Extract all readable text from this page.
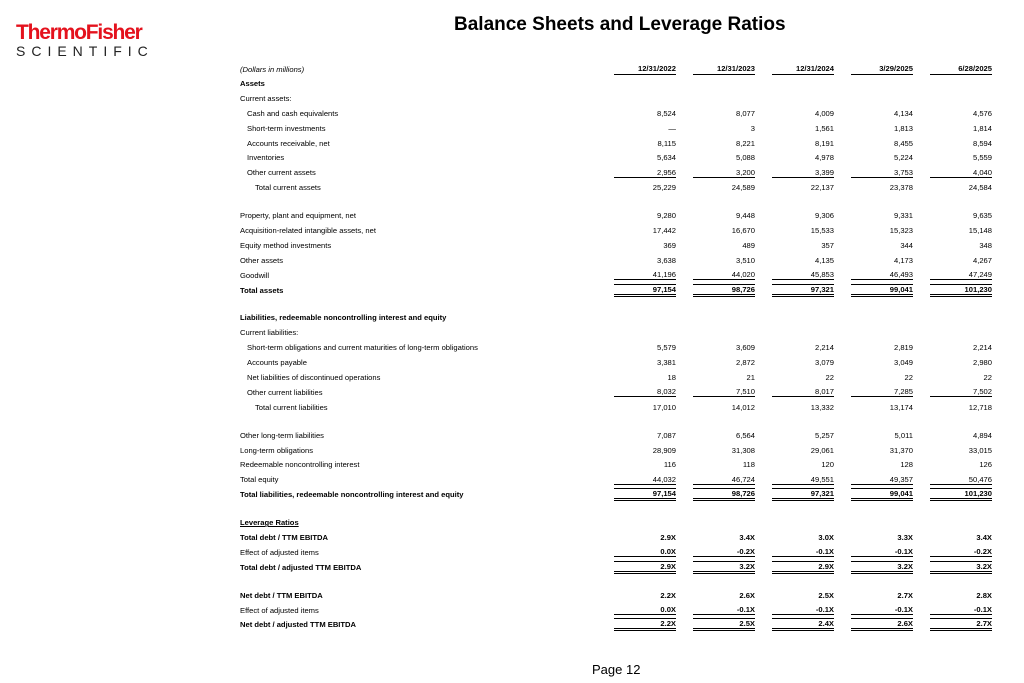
ThermoFisher
SCIENTIFIC
Balance Sheets and Leverage Ratios
(Dollars in millions)	12/31/2022	12/31/2023	12/31/2024	3/29/2025	6/28/2025
Assets					
Current assets:					
Cash and cash equivalents	8,524	8,077	4,009	4,134	4,576
Short-term investments	—	3	1,561	1,813	1,814
Accounts receivable, net	8,115	8,221	8,191	8,455	8,594
Inventories	5,634	5,088	4,978	5,224	5,559
Other current assets	2,956	3,200	3,399	3,753	4,040
Total current assets	25,229	24,589	22,137	23,378	24,584

Property, plant and equipment, net	9,280	9,448	9,306	9,331	9,635
Acquisition-related intangible assets, net	17,442	16,670	15,533	15,323	15,148
Equity method investments	369	489	357	344	348
Other assets	3,638	3,510	4,135	4,173	4,267
Goodwill	41,196	44,020	45,853	46,493	47,249
Total assets	97,154	98,726	97,321	99,041	101,230

Liabilities, redeemable noncontrolling interest and equity					
Current liabilities:					
Short-term obligations and current maturities of long-term obligations	5,579	3,609	2,214	2,819	2,214
Accounts payable	3,381	2,872	3,079	3,049	2,980
Net liabilities of discontinued operations	18	21	22	22	22
Other current liabilities	8,032	7,510	8,017	7,285	7,502
Total current liabilities	17,010	14,012	13,332	13,174	12,718

Other long-term liabilities	7,087	6,564	5,257	5,011	4,894
Long-term obligations	28,909	31,308	29,061	31,370	33,015
Redeemable noncontrolling interest	116	118	120	128	126
Total equity	44,032	46,724	49,551	49,357	50,476
Total liabilities, redeemable noncontrolling interest and equity	97,154	98,726	97,321	99,041	101,230

Leverage Ratios					
Total debt / TTM EBITDA	2.9X	3.4X	3.0X	3.3X	3.4X
Effect of adjusted items	0.0X	-0.2X	-0.1X	-0.1X	-0.2X
Total debt / adjusted TTM EBITDA	2.9X	3.2X	2.9X	3.2X	3.2X

Net debt / TTM EBITDA	2.2X	2.6X	2.5X	2.7X	2.8X
Effect of adjusted items	0.0X	-0.1X	-0.1X	-0.1X	-0.1X
Net debt / adjusted TTM EBITDA	2.2X	2.5X	2.4X	2.6X	2.7X
Page 12
